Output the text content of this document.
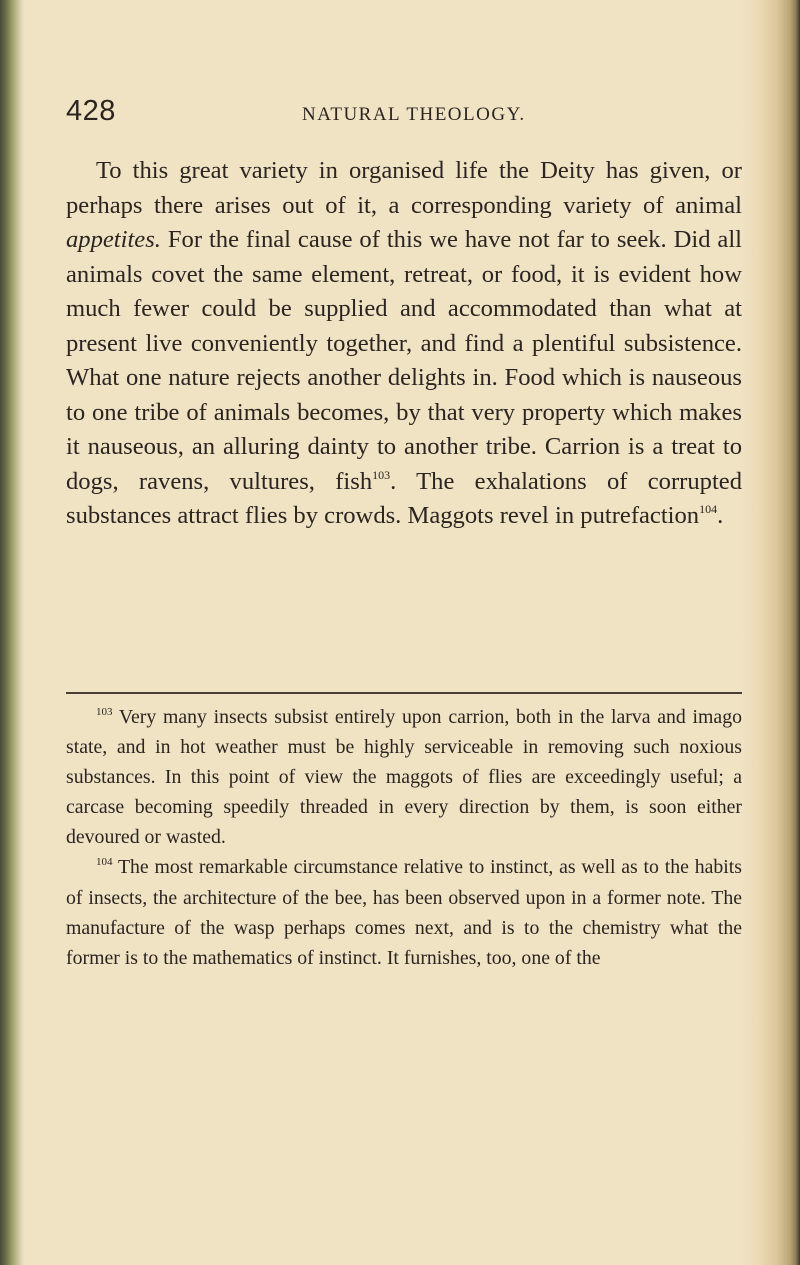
428	NATURAL THEOLOGY.

To this great variety in organised life the Deity has given, or perhaps there arises out of it, a corresponding variety of animal appetites. For the final cause of this we have not far to seek. Did all animals covet the same element, retreat, or food, it is evident how much fewer could be supplied and accommodated than what at present live conveniently together, and find a plentiful subsistence. What one nature rejects another delights in. Food which is nauseous to one tribe of animals becomes, by that very property which makes it nauseous, an alluring dainty to another tribe. Carrion is a treat to dogs, ravens, vultures, fish$^{103}$. The exhalations of corrupted substances attract flies by crowds. Maggots revel in putrefaction$^{104}$.

$^{103}$ Very many insects subsist entirely upon carrion, both in the larva and imago state, and in hot weather must be highly serviceable in removing such noxious substances. In this point of view the maggots of flies are exceedingly useful; a carcase becoming speedily threaded in every direction by them, is soon either devoured or wasted.

$^{104}$ The most remarkable circumstance relative to instinct, as well as to the habits of insects, the architecture of the bee, has been observed upon in a former note. The manufacture of the wasp perhaps comes next, and is to the chemistry what the former is to the mathematics of instinct. It furnishes, too, one of the
